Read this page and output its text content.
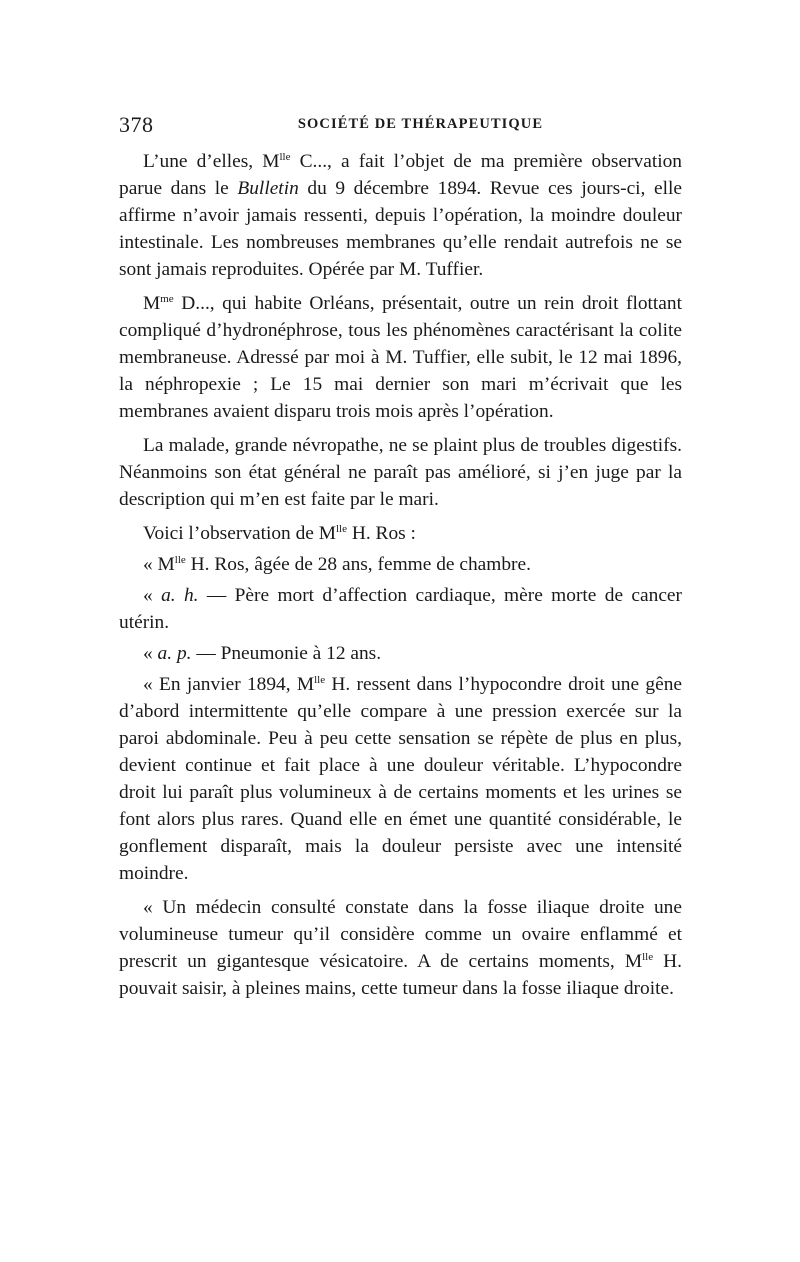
378	SOCIÉTÉ DE THÉRAPEUTIQUE

L’une d’elles, $M^{lle}$ C..., a fait l’objet de ma première observation parue dans le Bulletin du 9 décembre 1894. Revue ces jours-ci, elle affirme n’avoir jamais ressenti, depuis l’opération, la moindre douleur intestinale. Les nombreuses membranes qu’elle rendait autrefois ne se sont jamais reproduites. Opérée par M. Tuffier.

$M^{me}$ D..., qui habite Orléans, présentait, outre un rein droit flottant compliqué d’hydronéphrose, tous les phénomènes caractérisant la colite membraneuse. Adressé par moi à M. Tuffier, elle subit, le 12 mai 1896, la néphropexie ; Le 15 mai dernier son mari m’écrivait que les membranes avaient disparu trois mois après l’opération.

La malade, grande névropathe, ne se plaint plus de troubles digestifs. Néanmoins son état général ne paraît pas amélioré, si j’en juge par la description qui m’en est faite par le mari.

Voici l’observation de $M^{lle}$ H. Ros :

« $M^{lle}$ H. Ros, âgée de 28 ans, femme de chambre.

« a. h. — Père mort d’affection cardiaque, mère morte de cancer utérin.

« a. p. — Pneumonie à 12 ans.

« En janvier 1894, $M^{lle}$ H. ressent dans l’hypocondre droit une gêne d’abord intermittente qu’elle compare à une pression exercée sur la paroi abdominale. Peu à peu cette sensation se répète de plus en plus, devient continue et fait place à une douleur véritable. L’hypocondre droit lui paraît plus volumineux à de certains moments et les urines se font alors plus rares. Quand elle en émet une quantité considérable, le gonflement disparaît, mais la douleur persiste avec une intensité moindre.

« Un médecin consulté constate dans la fosse iliaque droite une volumineuse tumeur qu’il considère comme un ovaire enflammé et prescrit un gigantesque vésicatoire. A de certains moments, $M^{lle}$ H. pouvait saisir, à pleines mains, cette tumeur dans la fosse iliaque droite.
